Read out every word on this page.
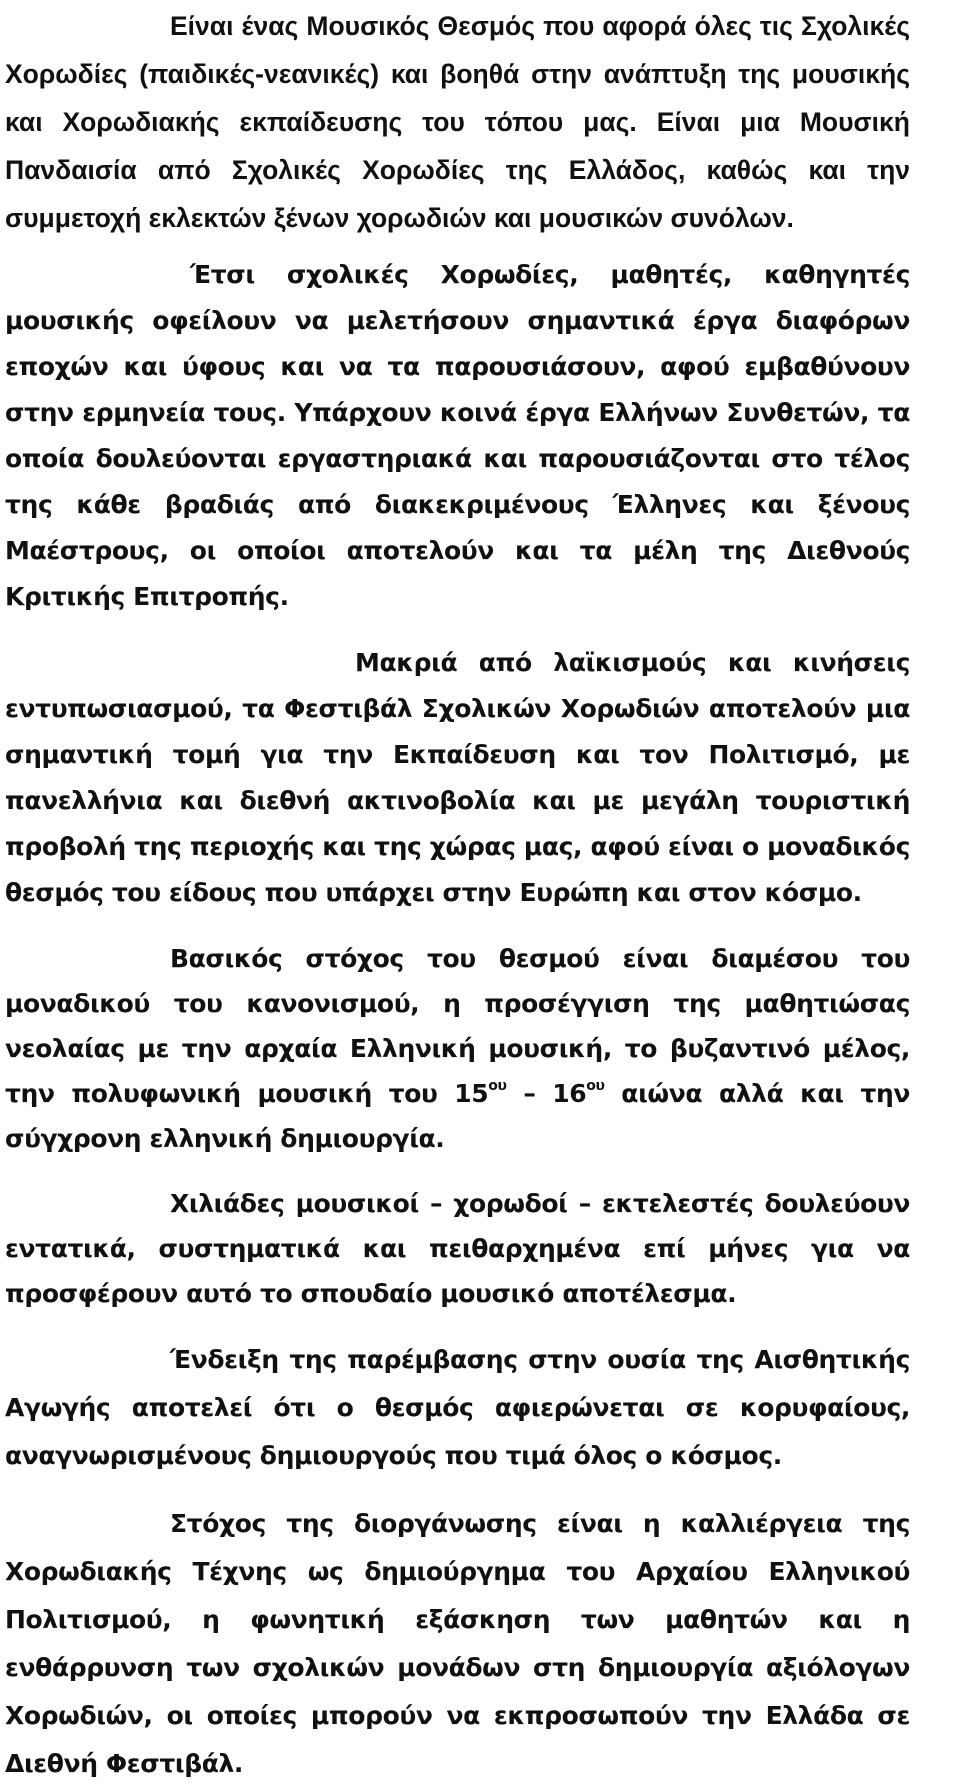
Είναι ένας Μουσικός Θεσμός που αφορά όλες τις Σχολικές Χορωδίες (παιδικές-νεανικές) και βοηθά στην ανάπτυξη της μουσικής και Χορωδιακής εκπαίδευσης του τόπου μας. Είναι μια Μουσική Πανδαισία από Σχολικές Χορωδίες της Ελλάδος, καθώς και την συμμετοχή εκλεκτών ξένων χορωδιών και μουσικών συνόλων.

Έτσι σχολικές Χορωδίες, μαθητές, καθηγητές μουσικής οφείλουν να μελετήσουν σημαντικά έργα διαφόρων εποχών και ύφους και να τα παρουσιάσουν, αφού εμβαθύνουν στην ερμηνεία τους. Υπάρχουν κοινά έργα Ελλήνων Συνθετών, τα οποία δουλεύονται εργαστηριακά και παρουσιάζονται στο τέλος της κάθε βραδιάς από διακεκριμένους Έλληνες και ξένους Μαέστρους, οι οποίοι αποτελούν και τα μέλη της Διεθνούς Κριτικής Επιτροπής.

Μακριά από λαϊκισμούς και κινήσεις εντυπωσιασμού, τα Φεστιβάλ Σχολικών Χορωδιών αποτελούν μια σημαντική τομή για την Εκπαίδευση και τον Πολιτισμό, με πανελλήνια και διεθνή ακτινοβολία και με μεγάλη τουριστική προβολή της περιοχής και της χώρας μας, αφού είναι ο μοναδικός θεσμός του είδους που υπάρχει στην Ευρώπη και στον κόσμο.

Βασικός στόχος του θεσμού είναι διαμέσου του μοναδικού του κανονισμού, η προσέγγιση της μαθητιώσας νεολαίας με την αρχαία Ελληνική μουσική, το βυζαντινό μέλος, την πολυφωνική μουσική του $15^{o\upsilon} - 16^{o\upsilon}$ αιώνα αλλά και την σύγχρονη ελληνική δημιουργία.

Χιλιάδες μουσικοί – χορωδοί – εκτελεστές δουλεύουν εντατικά, συστηματικά και πειθαρχημένα επί μήνες για να προσφέρουν αυτό το σπουδαίο μουσικό αποτέλεσμα.

Ένδειξη της παρέμβασης στην ουσία της Αισθητικής Αγωγής αποτελεί ότι ο θεσμός αφιερώνεται σε κορυφαίους, αναγνωρισμένους δημιουργούς που τιμά όλος ο κόσμος.

Στόχος της διοργάνωσης είναι η καλλιέργεια της Χορωδιακής Τέχνης ως δημιούργημα του Αρχαίου Ελληνικού Πολιτισμού, η φωνητική εξάσκηση των μαθητών και η ενθάρρυνση των σχολικών μονάδων στη δημιουργία αξιόλογων Χορωδιών, οι οποίες μπορούν να εκπροσωπούν την Ελλάδα σε Διεθνή Φεστιβάλ.
